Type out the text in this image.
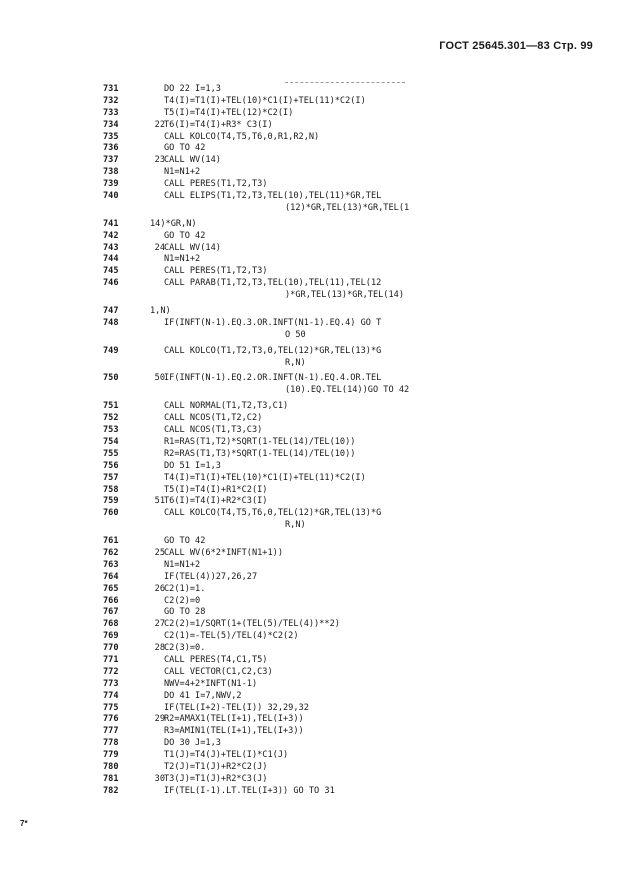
ГОСТ 25645.301—83 Стр. 99
731	DO 22 I=1,3
732	T4(I)=T1(I)+TEL(10)*C1(I)+TEL(11)*C2(I)
733	T5(I)=T4(I)+TEL(12)*C2(I)
734	22 T6(I)=T4(I)+R3* C3(I)
735	CALL KOLCO(T4,T5,T6,0,R1,R2,N)
736	GO TO 42
737	23 CALL WV(14)
738	N1=N1+2
739	CALL PERES(T1,T2,T3)
740	CALL ELIPS(T1,T2,T3,TEL(10),TEL(11)*GR,TEL
(12)*GR,TEL(13)*GR,TEL(1
741	14)*GR,N)
742	GO TO 42
743	24 CALL WV(14)
744	N1=N1+2
745	CALL PERES(T1,T2,T3)
746	CALL PARAB(T1,T2,T3,TEL(10),TEL(11),TEL(12
)*GR,TEL(13)*GR,TEL(14)
747	1,N)
748	IF(INFT(N-1).EQ.3.OR.INFT(N1-1).EQ.4) GO T
O 50
749	CALL KOLCO(T1,T2,T3,0,TEL(12)*GR,TEL(13)*G
R,N)
750	50 IF(INFT(N-1).EQ.2.OR.INFT(N-1).EQ.4.OR.TEL
(10).EQ.TEL(14))GO TO 42
751	CALL NORMAL(T1,T2,T3,C1)
752	CALL NCOS(T1,T2,C2)
753	CALL NCOS(T1,T3,C3)
754	R1=RAS(T1,T2)*SQRT(1-TEL(14)/TEL(10))
755	R2=RAS(T1,T3)*SQRT(1-TEL(14)/TEL(10))
756	DO 51 I=1,3
757	T4(I)=T1(I)+TEL(10)*C1(I)+TEL(11)*C2(I)
758	T5(I)=T4(I)+R1*C2(I)
759	51 T6(I)=T4(I)+R2*C3(I)
760	CALL KOLCO(T4,T5,T6,0,TEL(12)*GR,TEL(13)*G
R,N)
761	GO TO 42
762	25 CALL WV(6*2*INFT(N1+1))
763	N1=N1+2
764	IF(TEL(4))27,26,27
765	26 C2(1)=1.
766	C2(2)=0
767	GO TO 28
768	27 C2(2)=1/SQRT(1+(TEL(5)/TEL(4))**2)
769	C2(1)=-TEL(5)/TEL(4)*C2(2)
770	28 C2(3)=0.
771	CALL PERES(T4,C1,T5)
772	CALL VECTOR(C1,C2,C3)
773	NWV=4+2*INFT(N1-1)
774	DO 41 I=7,NWV,2
775	IF(TEL(I+2)-TEL(I)) 32,29,32
776	29 R2=AMAX1(TEL(I+1),TEL(I+3))
777	R3=AMIN1(TEL(I+1),TEL(I+3))
778	DO 30 J=1,3
779	T1(J)=T4(J)+TEL(I)*C1(J)
780	T2(J)=T1(J)+R2*C2(J)
781	30 T3(J)=T1(J)+R2*C3(J)
782	IF(TEL(I-1).LT.TEL(I+3)) GO TO 31
7*
